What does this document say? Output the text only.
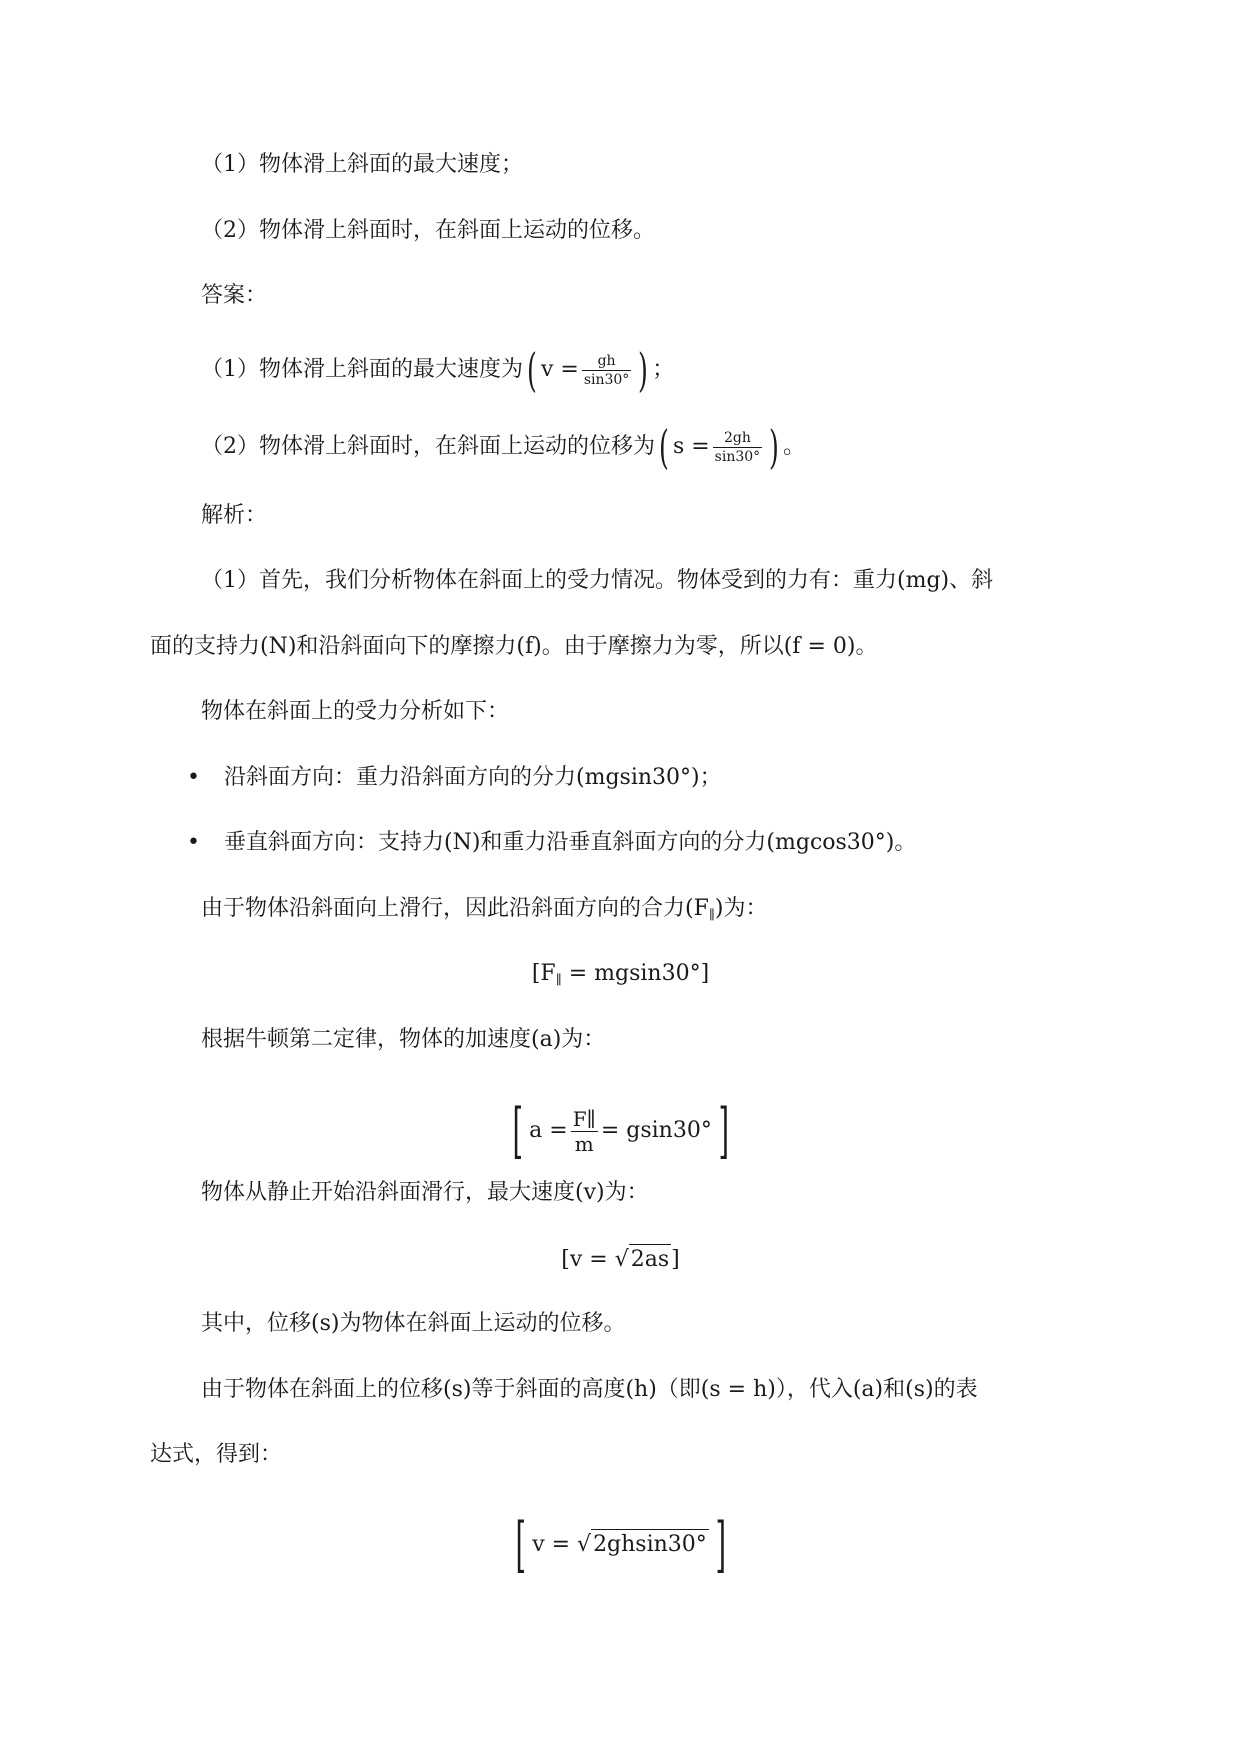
（1）物体滑上斜面的最大速度；
（2）物体滑上斜面时，在斜面上运动的位移。
答案：
（1）物体滑上斜面的最大速度为( $v = \frac{gh}{\sin 30^\circ}$ ) ；
（2）物体滑上斜面时，在斜面上运动的位移为( $s = \frac{2gh}{\sin 30^\circ}$ ) 。
解析：
（1）首先，我们分析物体在斜面上的受力情况。物体受到的力有：重力(mg)、斜
面的支持力(N)和沿斜面向下的摩擦力(f)。由于摩擦力为零，所以(f = 0)。
物体在斜面上的受力分析如下：
• 沿斜面方向：重力沿斜面方向的分力(mgsin30°)；
• 垂直斜面方向：支持力(N)和重力沿垂直斜面方向的分力(mgcos30°)。
由于物体沿斜面向上滑行，因此沿斜面方向的合力$(F_\parallel)$为：
$[F_\parallel = mgsin30^\circ]$
根据牛顿第二定律，物体的加速度(a)为：
[ $a = \frac{F\parallel}{m} = gsin30^\circ$ ]
物体从静止开始沿斜面滑行，最大速度(v)为：
[v = √2as]
其中，位移(s)为物体在斜面上运动的位移。
由于物体在斜面上的位移(s)等于斜面的高度(h)（即(s = h)），代入(a)和(s)的表
达式，得到：
[ v = √2ghsin30° ]
